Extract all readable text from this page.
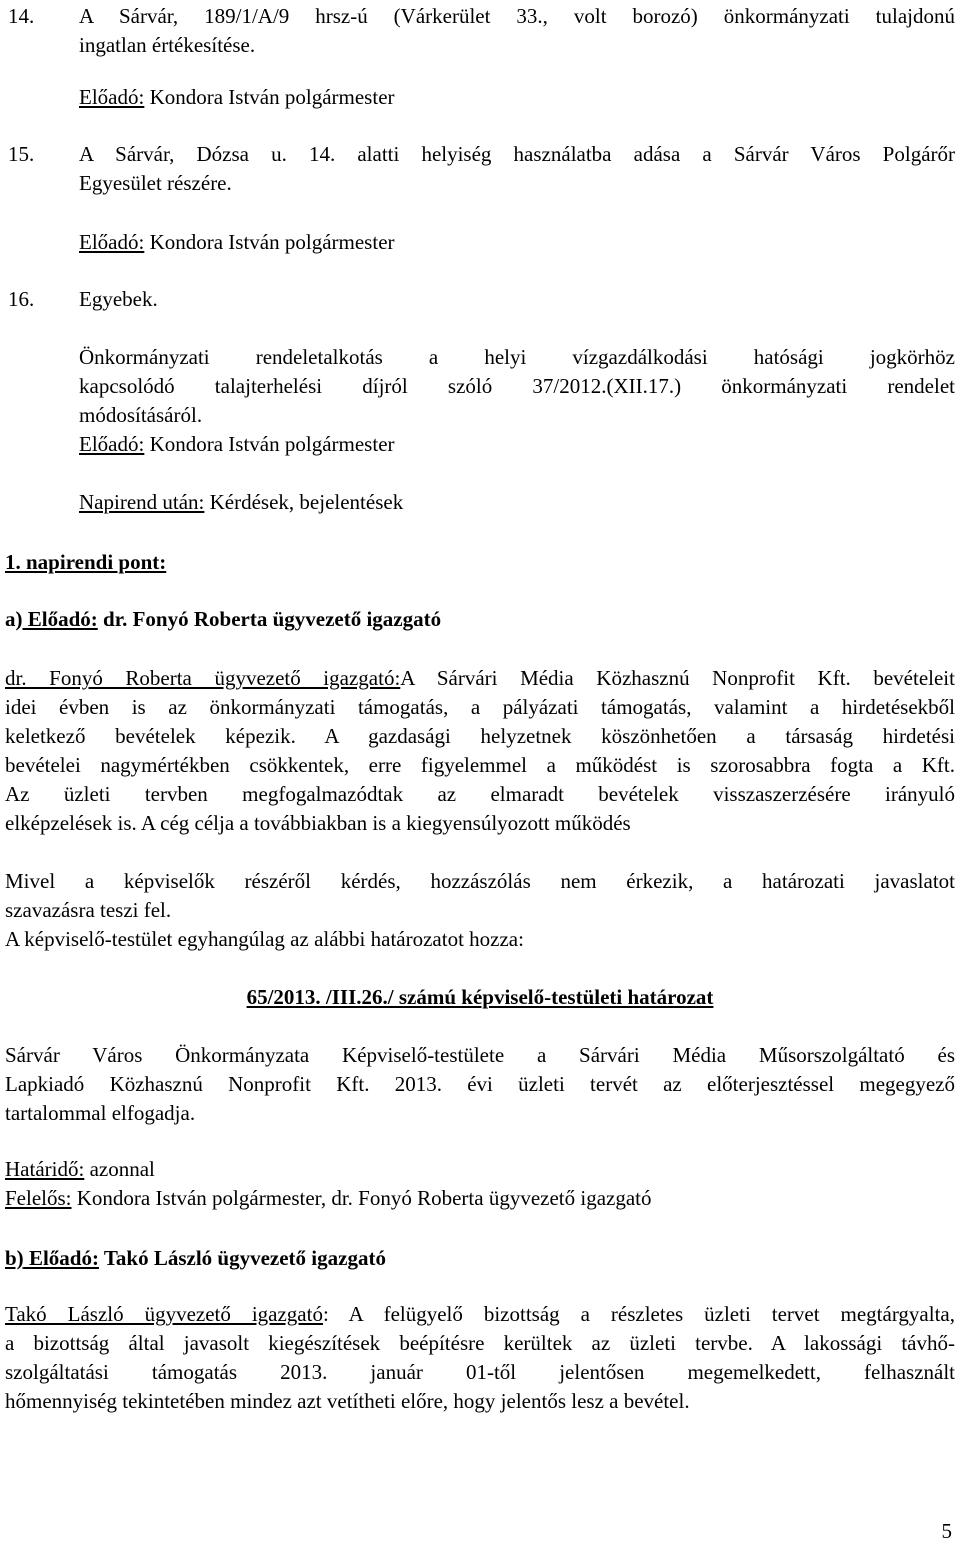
14. A Sárvár, 189/1/A/9 hrsz-ú (Várkerület 33., volt borozó) önkormányzati tulajdonú
ingatlan értékesítése.
Előadó: Kondora István polgármester
15. A Sárvár, Dózsa u. 14. alatti helyiség használatba adása a Sárvár Város Polgárőr
Egyesület részére.
Előadó: Kondora István polgármester
16. Egyebek.
Önkormányzati rendeletalkotás a helyi vízgazdálkodási hatósági jogkörhöz
kapcsolódó talajterhelési díjról szóló 37/2012.(XII.17.) önkormányzati rendelet
módosításáról.
Előadó: Kondora István polgármester
Napirend után: Kérdések, bejelentések
1. napirendi pont:
a) Előadó: dr. Fonyó Roberta ügyvezető igazgató
dr. Fonyó Roberta ügyvezető igazgató:A Sárvári Média Közhasznú Nonprofit Kft. bevételeit
idei évben is az önkormányzati támogatás, a pályázati támogatás, valamint a hirdetésekből
keletkező bevételek képezik. A gazdasági helyzetnek köszönhetően a társaság hirdetési
bevételei nagymértékben csökkentek, erre figyelemmel a működést is szorosabbra fogta a Kft.
Az üzleti tervben megfogalmazódtak az elmaradt bevételek visszaszerzésére irányuló
elképzelések is. A cég célja a továbbiakban is a kiegyensúlyozott működés
Mivel a képviselők részéről kérdés, hozzászólás nem érkezik, a határozati javaslatot
szavazásra teszi fel.
A képviselő-testület egyhangúlag az alábbi határozatot hozza:
65/2013. /III.26./ számú képviselő-testületi határozat
Sárvár Város Önkormányzata Képviselő-testülete a Sárvári Média Műsorszolgáltató és
Lapkiadó Közhasznú Nonprofit Kft. 2013. évi üzleti tervét az előterjesztéssel megegyező
tartalommal elfogadja.
Határidő: azonnal
Felelős: Kondora István polgármester, dr. Fonyó Roberta ügyvezető igazgató
b) Előadó: Takó László ügyvezető igazgató
Takó László ügyvezető igazgató: A felügyelő bizottság a részletes üzleti tervet megtárgyalta,
a bizottság által javasolt kiegészítések beépítésre kerültek az üzleti tervbe. A lakossági távhő-
szolgáltatási támogatás 2013. január 01-től jelentősen megemelkedett, felhasznált
hőmennyiség tekintetében mindez azt vetítheti előre, hogy jelentős lesz a bevétel.
5
